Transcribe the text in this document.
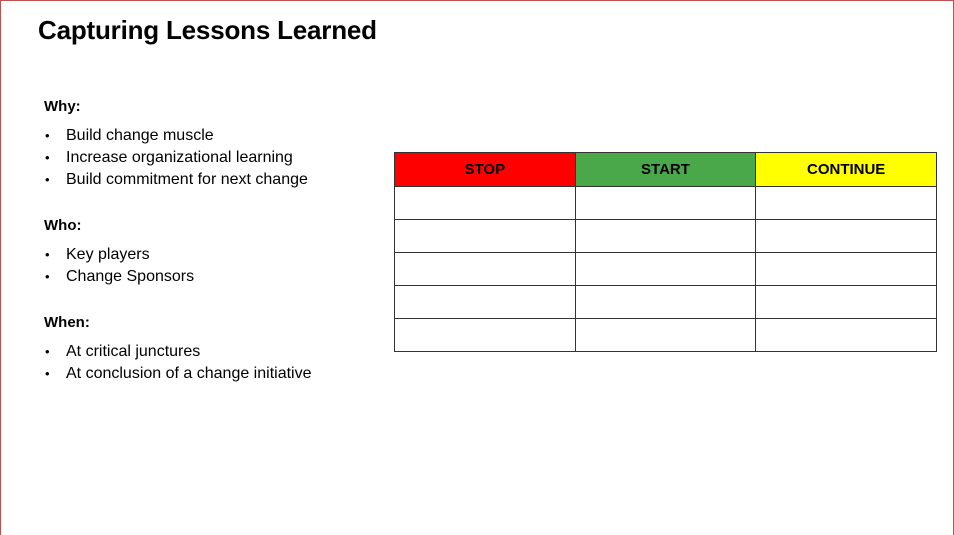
Capturing Lessons Learned
Why:
• Build change muscle
• Increase organizational learning
• Build commitment for next change
Who:
• Key players
• Change Sponsors
When:
• At critical junctures
• At conclusion of a change initiative
STOP	START	CONTINUE
